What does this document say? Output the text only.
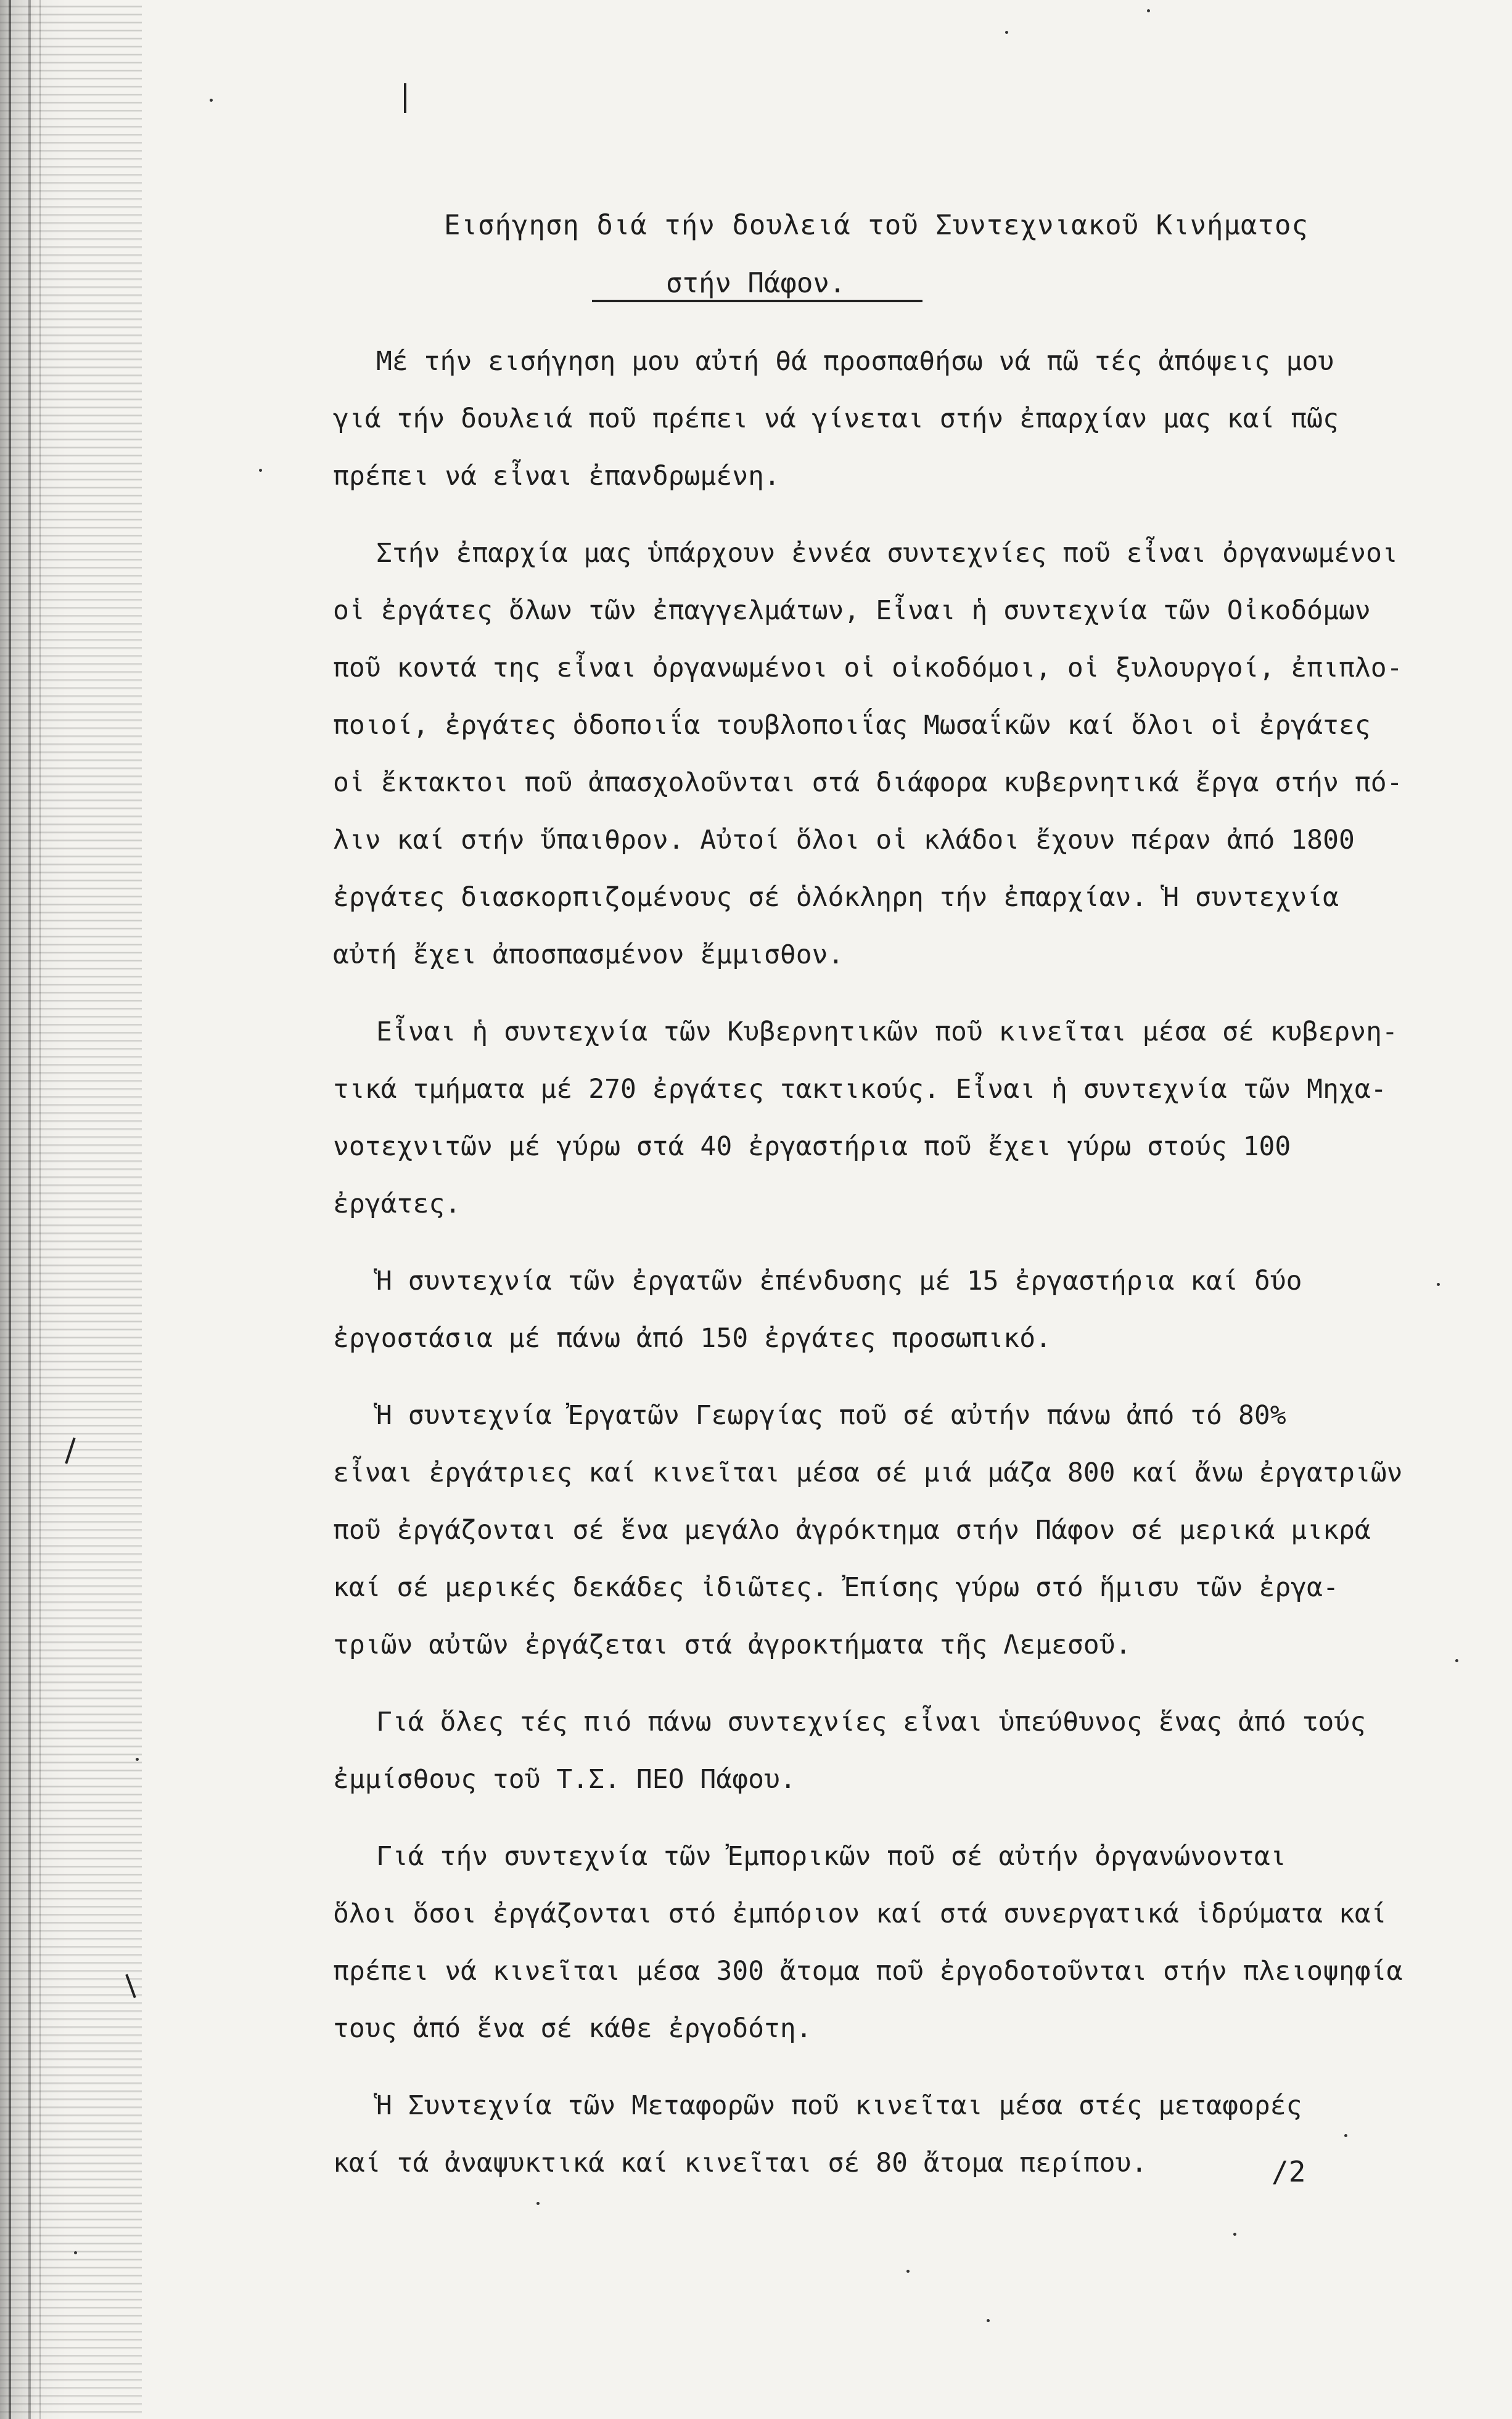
Εισήγηση διά τήν δουλειά τοῦ Συντεχνιακοῦ Κινήματος
στήν Πάφον.
Μέ τήν εισήγηση μου αὐτή θά προσπαθήσω νά πῶ τές ἀπόψεις μου
γιά τήν δουλειά ποῦ πρέπει νά γίνεται στήν ἐπαρχίαν μας καί πῶς
πρέπει νά εἶναι ἐπανδρωμένη.
Στήν ἐπαρχία μας ὑπάρχουν ἐννέα συντεχνίες ποῦ εἶναι ὀργανωμένοι
οἱ ἐργάτες ὅλων τῶν ἐπαγγελμάτων, Εἶναι ἡ συντεχνία τῶν Οἰκοδόμων
ποῦ κοντά της εἶναι ὀργανωμένοι οἱ οἰκοδόμοι, οἱ ξυλουργοί, ἐπιπλο-
ποιοί, ἐργάτες ὁδοποιΐα τουβλοποιΐας Μωσαΐκῶν καί ὅλοι οἱ ἐργάτες
οἱ ἔκτακτοι ποῦ ἀπασχολοῦνται στά διάφορα κυβερνητικά ἔργα στήν πό-
λιν καί στήν ὕπαιθρον. Αὐτοί ὅλοι οἱ κλάδοι ἔχουν πέραν ἀπό 1800
ἐργάτες διασκορπιζομένους σέ ὁλόκληρη τήν ἐπαρχίαν. Ἡ συντεχνία
αὐτή ἔχει ἀποσπασμένον ἔμμισθον.
Εἶναι ἡ συντεχνία τῶν Κυβερνητικῶν ποῦ κινεῖται μέσα σέ κυβερνη-
τικά τμήματα μέ 270 ἐργάτες τακτικούς. Εἶναι ἡ συντεχνία τῶν Μηχα-
νοτεχνιτῶν μέ γύρω στά 40 ἐργαστήρια ποῦ ἔχει γύρω στούς 100
ἐργάτες.
Ἡ συντεχνία τῶν ἐργατῶν ἐπένδυσης μέ 15 ἐργαστήρια καί δύο
ἐργοστάσια μέ πάνω ἀπό 150 ἐργάτες προσωπικό.
Ἡ συντεχνία Ἐργατῶν Γεωργίας ποῦ σέ αὐτήν πάνω ἀπό τό 80%
εἶναι ἐργάτριες καί κινεῖται μέσα σέ μιά μάζα 800 καί ἄνω ἐργατριῶν
ποῦ ἐργάζονται σέ ἕνα μεγάλο ἀγρόκτημα στήν Πάφον σέ μερικά μικρά
καί σέ μερικές δεκάδες ἰδιῶτες. Ἐπίσης γύρω στό ἥμισυ τῶν ἐργα-
τριῶν αὐτῶν ἐργάζεται στά ἀγροκτήματα τῆς Λεμεσοῦ.
Γιά ὅλες τές πιό πάνω συντεχνίες εἶναι ὑπεύθυνος ἕνας ἀπό τούς
ἐμμίσθους τοῦ Τ.Σ. ΠΕΟ Πάφου.
Γιά τήν συντεχνία τῶν Ἐμπορικῶν ποῦ σέ αὐτήν ὀργανώνονται
ὅλοι ὅσοι ἐργάζονται στό ἐμπόριον καί στά συνεργατικά ἱδρύματα καί
πρέπει νά κινεῖται μέσα 300 ἄτομα ποῦ ἐργοδοτοῦνται στήν πλειοψηφία
τους ἀπό ἕνα σέ κάθε ἐργοδότη.
Ἡ Συντεχνία τῶν Μεταφορῶν ποῦ κινεῖται μέσα στές μεταφορές
καί τά ἀναψυκτικά καί κινεῖται σέ 80 ἄτομα περίπου.	/2
